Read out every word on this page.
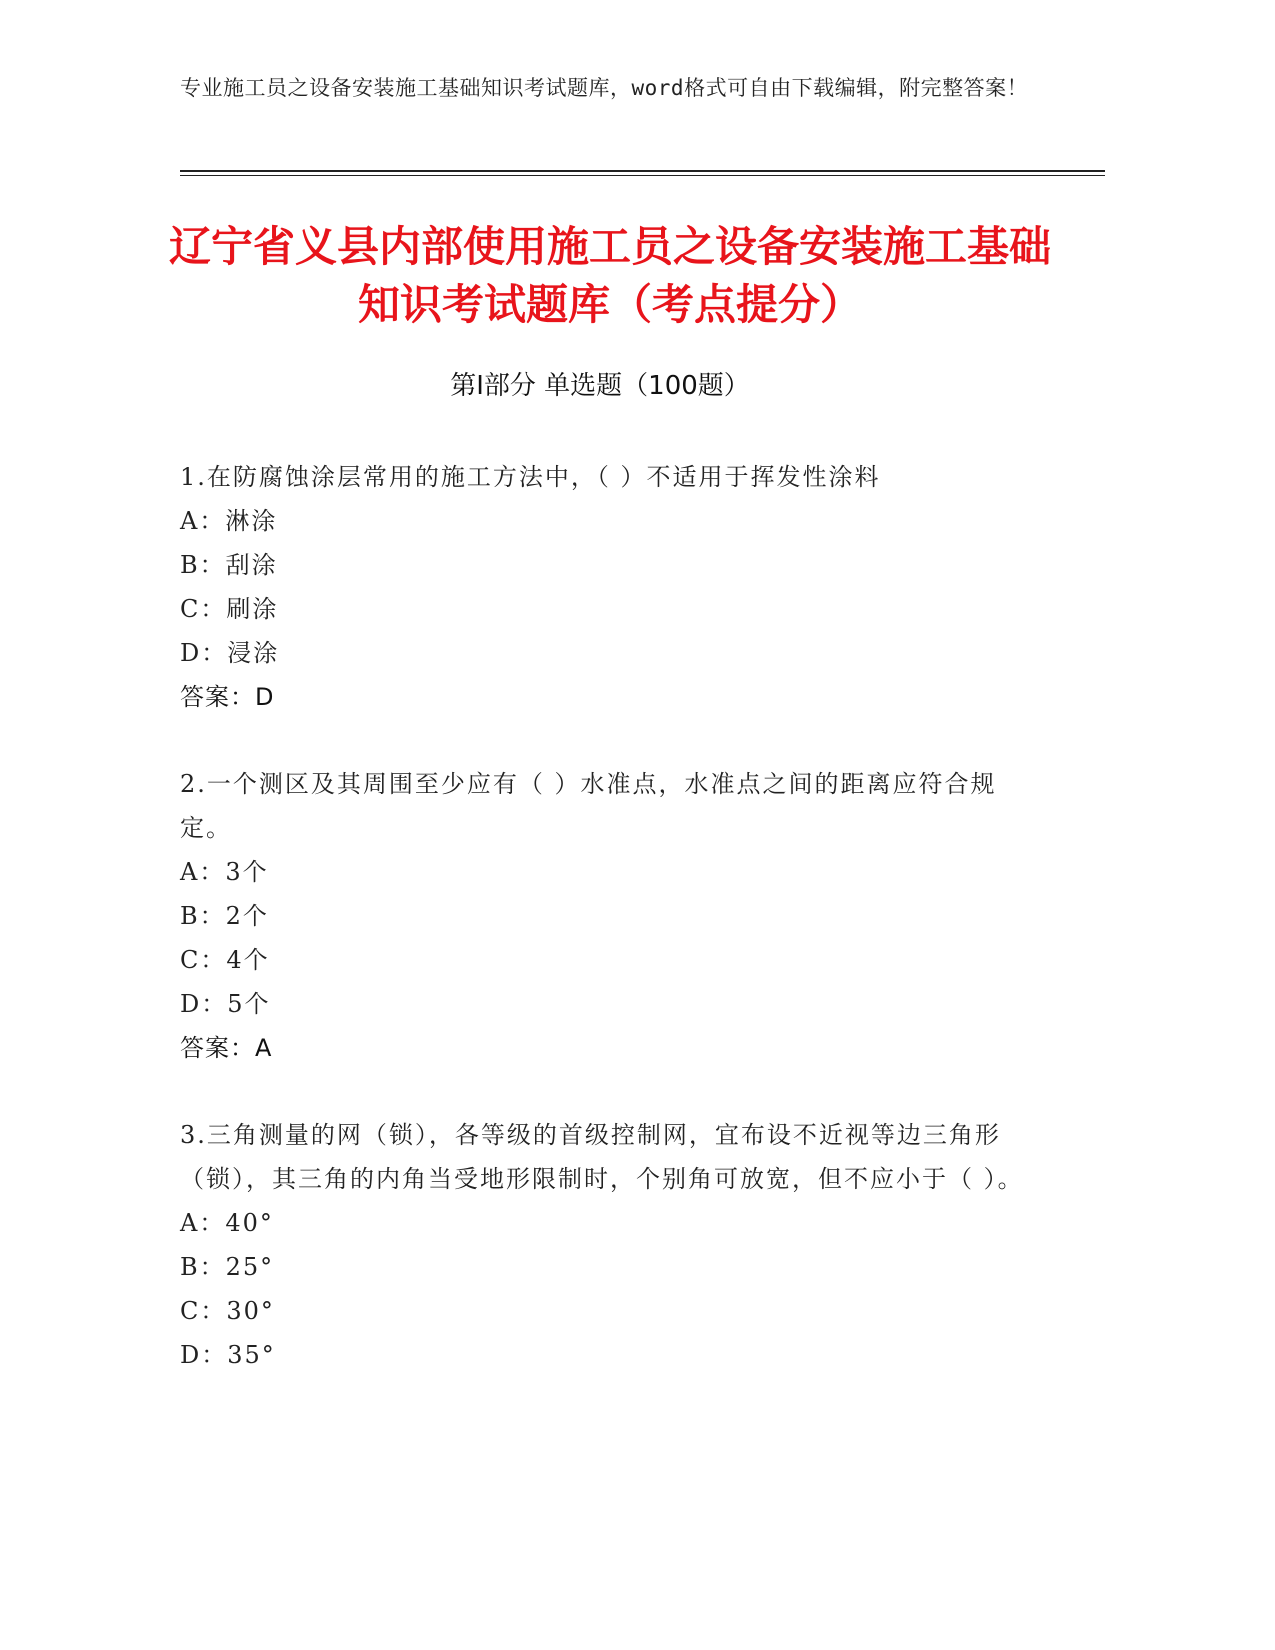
专业施工员之设备安装施工基础知识考试题库，word格式可自由下载编辑，附完整答案！
辽宁省义县内部使用施工员之设备安装施工基础知识考试题库（考点提分）
第Ⅰ部分 单选题（100题）
1.在防腐蚀涂层常用的施工方法中，（ ）不适用于挥发性涂料
A：淋涂
B：刮涂
C：刷涂
D：浸涂
答案：D
2.一个测区及其周围至少应有（ ）水准点，水准点之间的距离应符合规定。
A：3个
B：2个
C：4个
D：5个
答案：A
3.三角测量的网（锁），各等级的首级控制网，宜布设不近视等边三角形（锁），其三角的内角当受地形限制时，个别角可放宽，但不应小于（ ）。
A：40°
B：25°
C：30°
D：35°
